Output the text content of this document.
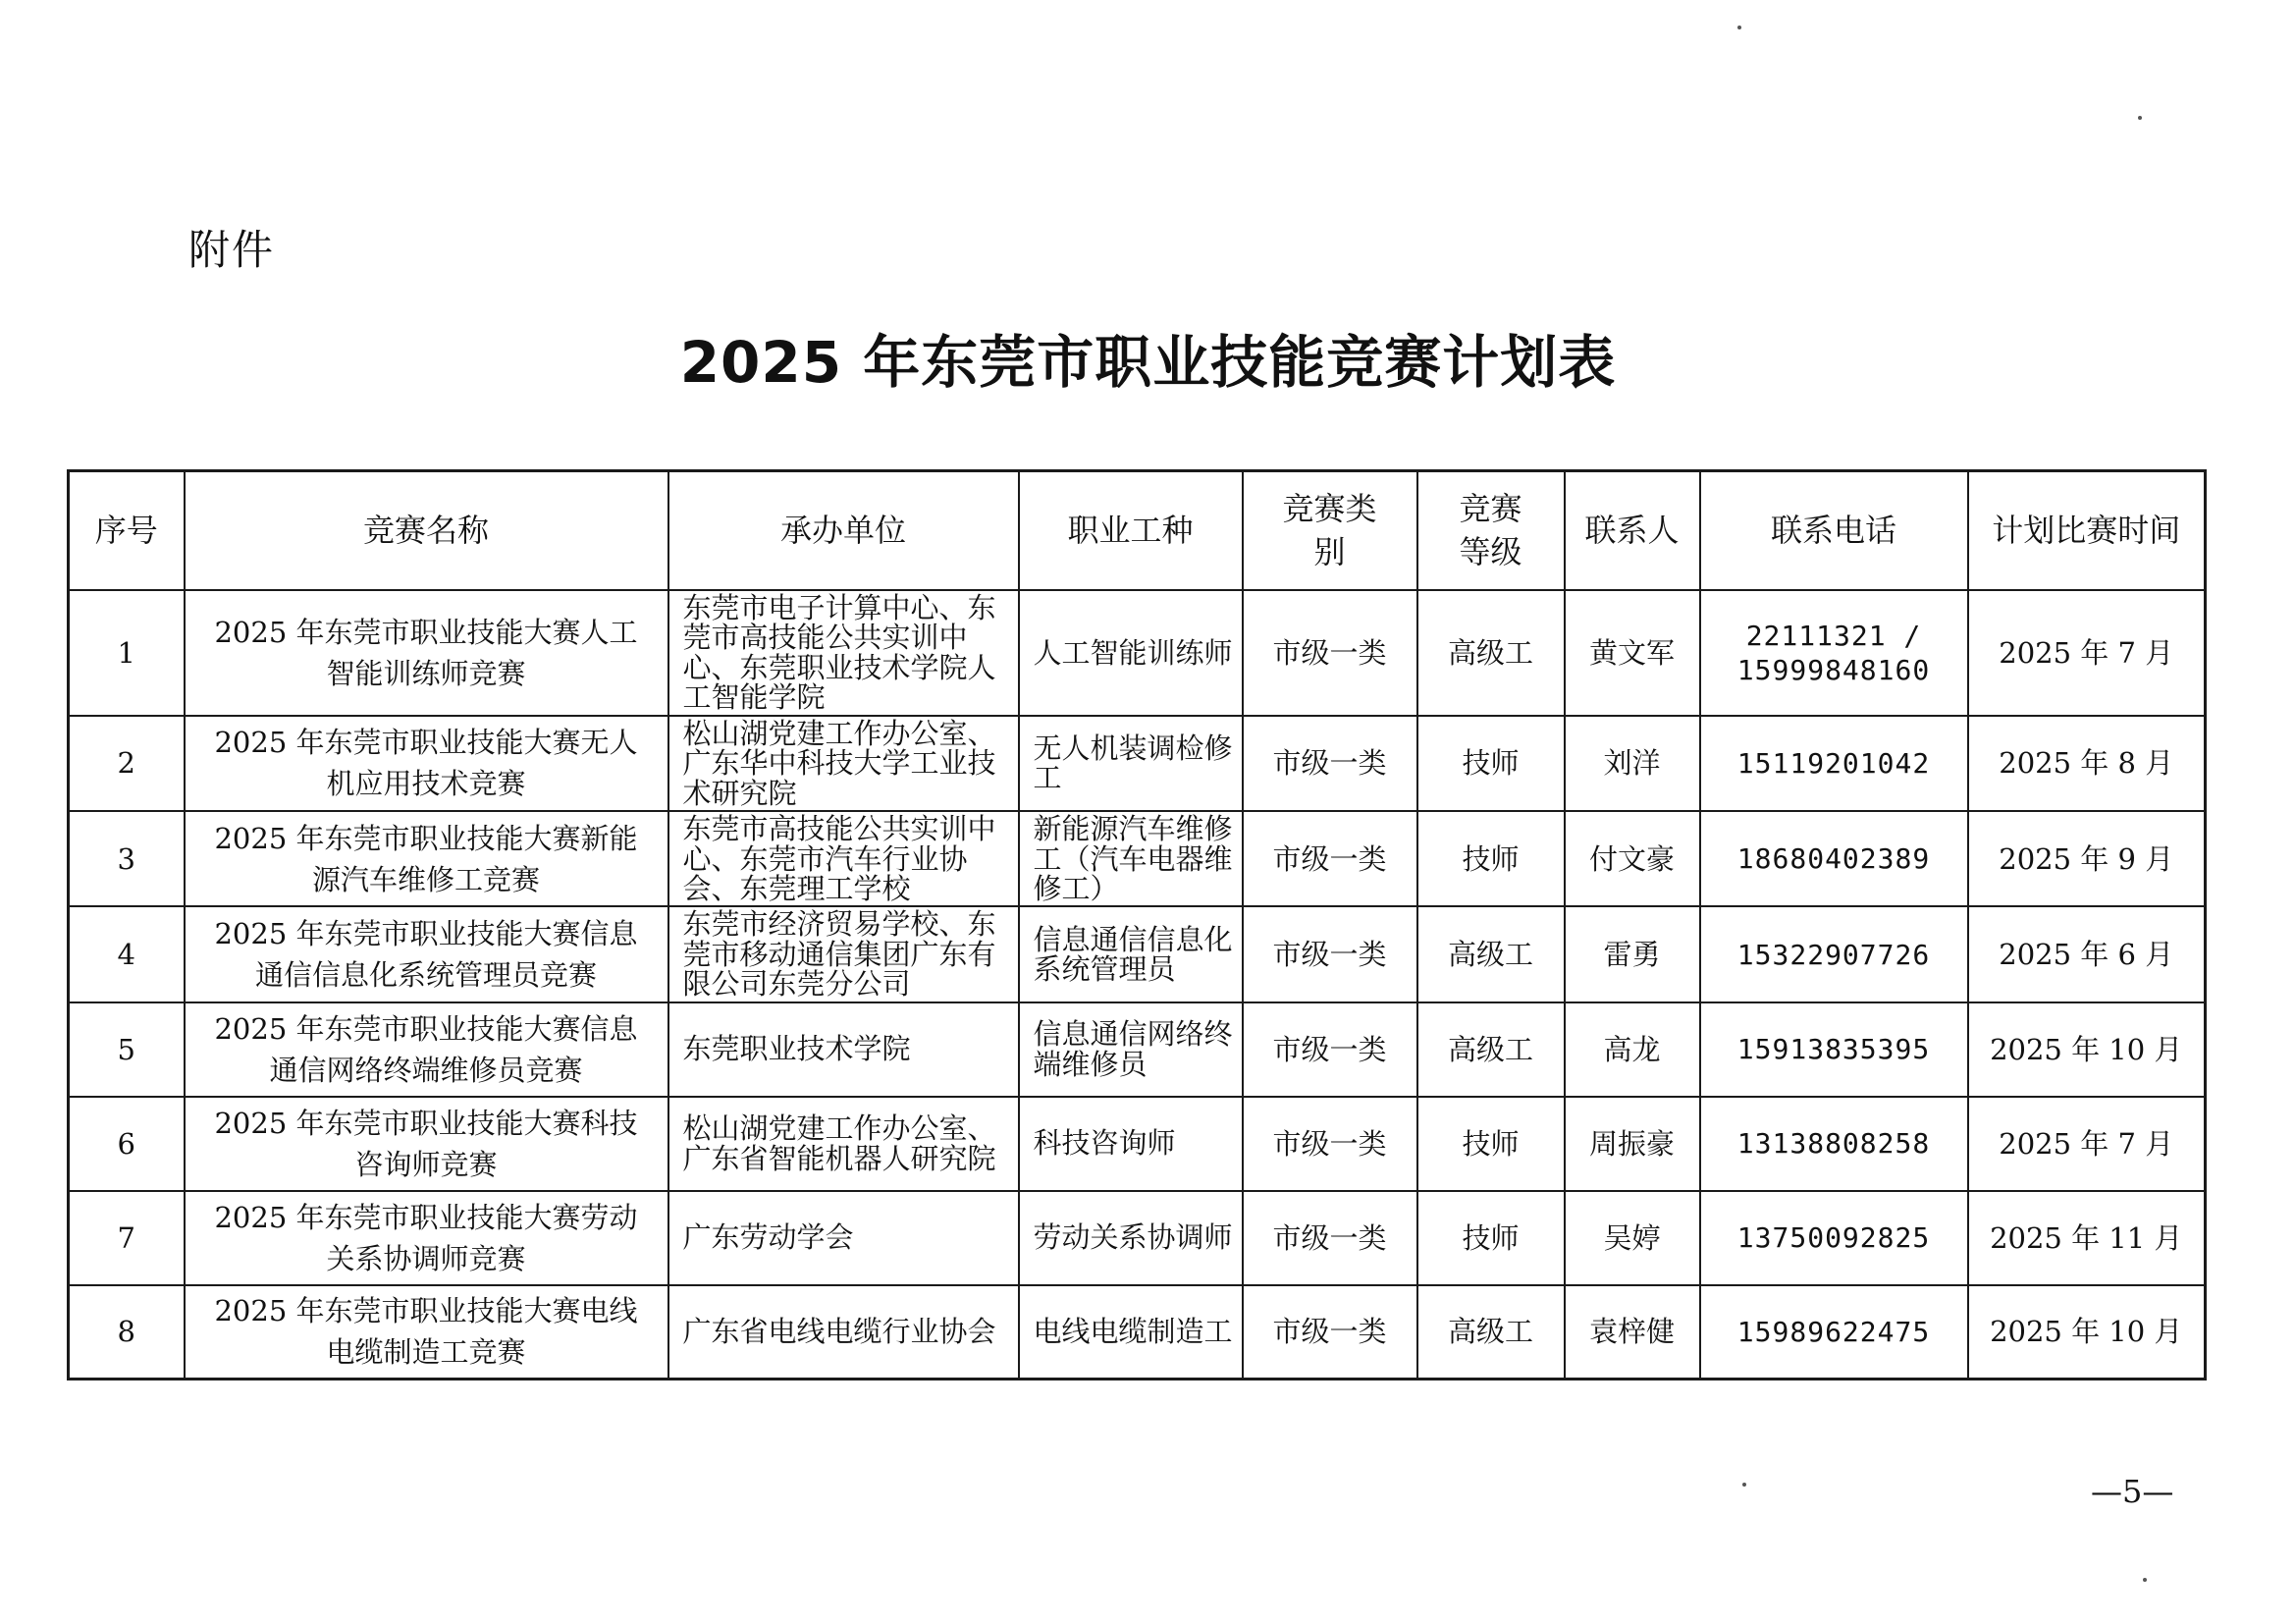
附件
2025 年东莞市职业技能竞赛计划表
序号	竞赛名称	承办单位	职业工种	竞赛类别	竞赛等级	联系人	联系电话	计划比赛时间
1	2025 年东莞市职业技能大赛人工智能训练师竞赛	东莞市电子计算中心、东莞市高技能公共实训中心、东莞职业技术学院人工智能学院	人工智能训练师	市级一类	高级工	黄文军	22111321 / 15999848160	2025 年 7 月
2	2025 年东莞市职业技能大赛无人机应用技术竞赛	松山湖党建工作办公室、广东华中科技大学工业技术研究院	无人机装调检修工	市级一类	技师	刘洋	15119201042	2025 年 8 月
3	2025 年东莞市职业技能大赛新能源汽车维修工竞赛	东莞市高技能公共实训中心、东莞市汽车行业协会、东莞理工学校	新能源汽车维修工（汽车电器维修工）	市级一类	技师	付文豪	18680402389	2025 年 9 月
4	2025 年东莞市职业技能大赛信息通信信息化系统管理员竞赛	东莞市经济贸易学校、东莞市移动通信集团广东有限公司东莞分公司	信息通信信息化系统管理员	市级一类	高级工	雷勇	15322907726	2025 年 6 月
5	2025 年东莞市职业技能大赛信息通信网络终端维修员竞赛	东莞职业技术学院	信息通信网络终端维修员	市级一类	高级工	高龙	15913835395	2025 年 10 月
6	2025 年东莞市职业技能大赛科技咨询师竞赛	松山湖党建工作办公室、广东省智能机器人研究院	科技咨询师	市级一类	技师	周振豪	13138808258	2025 年 7 月
7	2025 年东莞市职业技能大赛劳动关系协调师竞赛	广东劳动学会	劳动关系协调师	市级一类	技师	吴婷	13750092825	2025 年 11 月
8	2025 年东莞市职业技能大赛电线电缆制造工竞赛	广东省电线电缆行业协会	电线电缆制造工	市级一类	高级工	袁梓健	15989622475	2025 年 10 月
—5—
